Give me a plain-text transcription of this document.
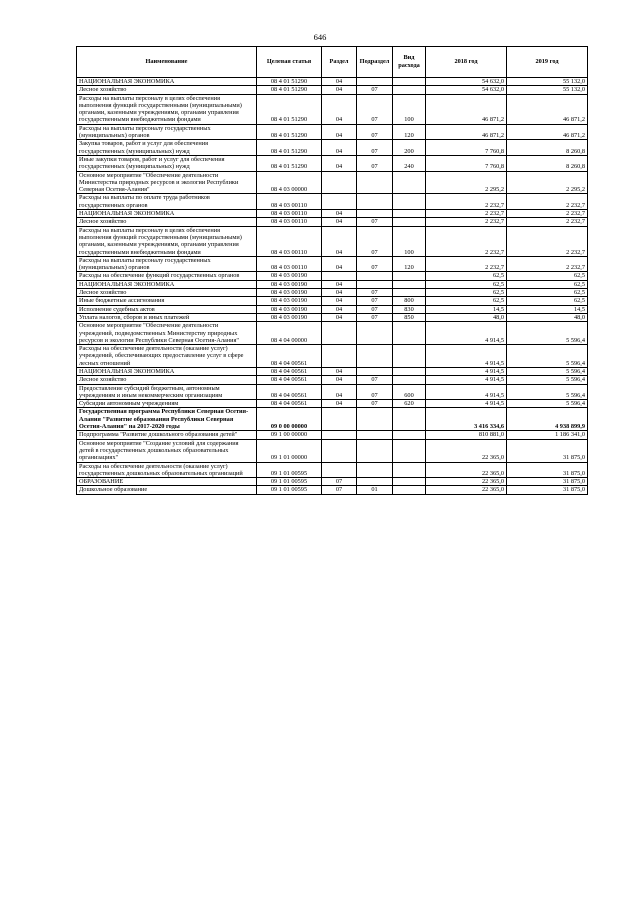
646
Наименование	Целевая статья	Раздел	Подраздел	Вид расхода	2018 год	2019 год
НАЦИОНАЛЬНАЯ ЭКОНОМИКА	08 4 01 51290	04			54 632,0	55 132,0
Лесное хозяйство	08 4 01 51290	04	07		54 632,0	55 132,0
Расходы на выплаты персоналу в целях обеспечения выполнения функций государственными (муниципальными) органами, казенными учреждениями, органами управления государственными внебюджетными фондами	08 4 01 51290	04	07	100	46 871,2	46 871,2
Расходы на выплаты персоналу государственных (муниципальных) органов	08 4 01 51290	04	07	120	46 871,2	46 871,2
Закупка товаров, работ и услуг для обеспечения государственных (муниципальных) нужд	08 4 01 51290	04	07	200	7 760,8	8 260,8
Иные закупки товаров, работ и услуг для обеспечения государственных (муниципальных) нужд	08 4 01 51290	04	07	240	7 760,8	8 260,8
Основное мероприятие "Обеспечение деятельности Министерства природных ресурсов и экологии Республики Северная Осетия-Алания"	08 4 03 00000				2 295,2	2 295,2
Расходы на выплаты по оплате труда работников государственных органов	08 4 03 00110				2 232,7	2 232,7
НАЦИОНАЛЬНАЯ ЭКОНОМИКА	08 4 03 00110	04			2 232,7	2 232,7
Лесное хозяйство	08 4 03 00110	04	07		2 232,7	2 232,7
Расходы на выплаты персоналу в целях обеспечения выполнения функций государственными (муниципальными) органами, казенными учреждениями, органами управления государственными внебюджетными фондами	08 4 03 00110	04	07	100	2 232,7	2 232,7
Расходы на выплаты персоналу государственных (муниципальных) органов	08 4 03 00110	04	07	120	2 232,7	2 232,7
Расходы на обеспечение функций государственных органов	08 4 03 00190				62,5	62,5
НАЦИОНАЛЬНАЯ ЭКОНОМИКА	08 4 03 00190	04			62,5	62,5
Лесное хозяйство	08 4 03 00190	04	07		62,5	62,5
Иные бюджетные ассигнования	08 4 03 00190	04	07	800	62,5	62,5
Исполнение судебных актов	08 4 03 00190	04	07	830	14,5	14,5
Уплата налогов, сборов и иных платежей	08 4 03 00190	04	07	850	48,0	48,0
Основное мероприятие "Обеспечение деятельности учреждений, подведомственных Министерству природных ресурсов и экологии Республики Северная Осетия-Алания"	08 4 04 00000				4 914,5	5 596,4
Расходы на обеспечение деятельности (оказание услуг) учреждений, обеспечивающих предоставление услуг в сфере лесных отношений	08 4 04 00561				4 914,5	5 596,4
НАЦИОНАЛЬНАЯ ЭКОНОМИКА	08 4 04 00561	04			4 914,5	5 596,4
Лесное хозяйство	08 4 04 00561	04	07		4 914,5	5 596,4
Предоставление субсидий бюджетным, автономным учреждениям и иным некоммерческим организациям	08 4 04 00561	04	07	600	4 914,5	5 596,4
Субсидии автономным учреждениям	08 4 04 00561	04	07	620	4 914,5	5 596,4
Государственная программа Республики Северная Осетия-Алания "Развитие образования Республики Северная Осетия-Алания" на 2017-2020 годы	09 0 00 00000				3 416 334,6	4 938 899,9
Подпрограмма "Развитие дошкольного образования детей"	09 1 00 00000				810 881,0	1 186 341,0
Основное мероприятие "Создание условий для содержания детей в государственных дошкольных образовательных организациях"	09 1 01 00000				22 365,0	31 875,0
Расходы на обеспечение деятельности (оказание услуг) государственных дошкольных образовательных организаций	09 1 01 00595				22 365,0	31 875,0
ОБРАЗОВАНИЕ	09 1 01 00595	07			22 365,0	31 875,0
Дошкольное образование	09 1 01 00595	07	01		22 365,0	31 875,0
